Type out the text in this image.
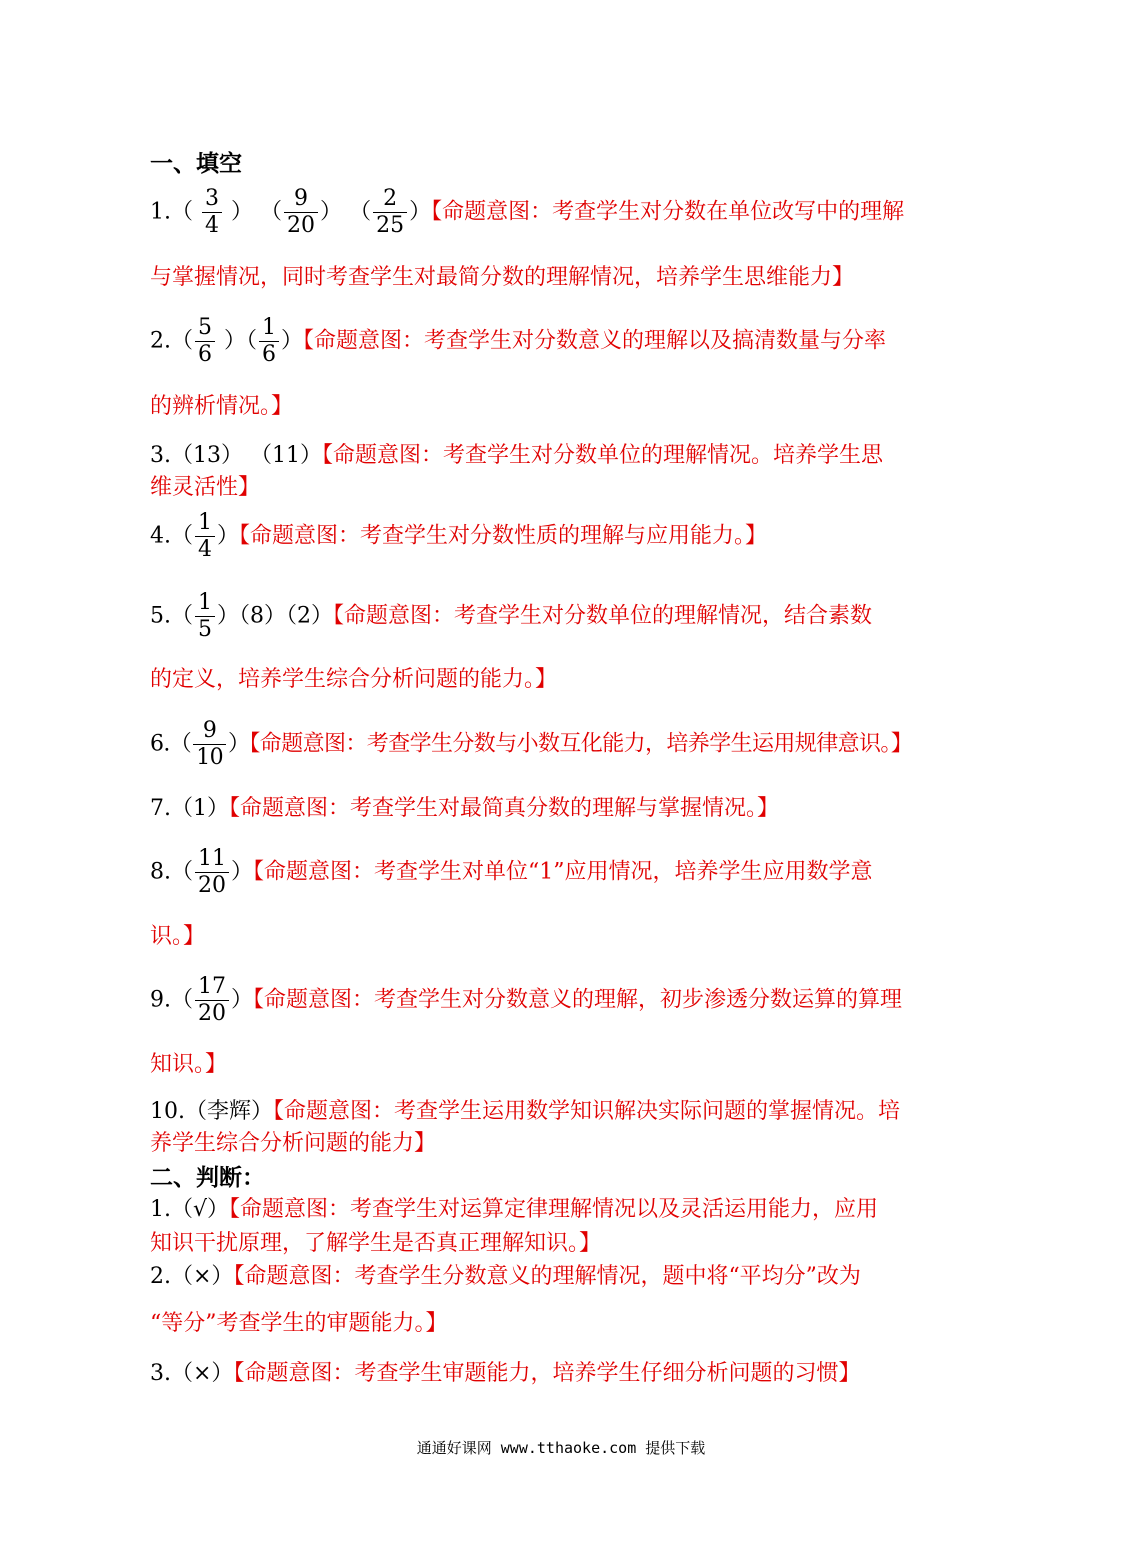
一、填空
$1.( \frac{3}{4}$ ） （ $\frac{9}{20}$ ） （ $\frac{2}{25}$ ）【命题意图：考查学生对分数在单位改写中的理解
与掌握情况，同时考查学生对最简分数的理解情况，培养学生思维能力】
$2.( \frac{5}{6}$ ）（ $\frac{1}{6}$ ）【命题意图：考查学生对分数意义的理解以及搞清数量与分率
的辨析情况。】
3.（13） （11）【命题意图：考查学生对分数单位的理解情况。培养学生思
维灵活性】
$4.( \frac{1}{4}$ ）【命题意图：考查学生对分数性质的理解与应用能力。】
$5.( \frac{1}{5} )(8)(2)$【命题意图：考查学生对分数单位的理解情况，结合素数
的定义，培养学生综合分析问题的能力。】
$6.( \frac{9}{10}$ ）【命题意图：考查学生分数与小数互化能力，培养学生运用规律意识。】
7.（1）【命题意图：考查学生对最简真分数的理解与掌握情况。】
$8.( \frac{11}{20}$ ）【命题意图：考查学生对单位“1”应用情况，培养学生应用数学意
识。】
$9.( \frac{17}{20}$ ）【命题意图：考查学生对分数意义的理解，初步渗透分数运算的算理
知识。】
10.（李辉）【命题意图：考查学生运用数学知识解决实际问题的掌握情况。培
养学生综合分析问题的能力】
二、判断：
1.（√）【命题意图：考查学生对运算定律理解情况以及灵活运用能力，应用
知识干扰原理，了解学生是否真正理解知识。】
2.（×）【命题意图：考查学生分数意义的理解情况，题中将“平均分”改为
“等分”考查学生的审题能力。】
3.（×）【命题意图：考查学生审题能力，培养学生仔细分析问题的习惯】
通通好课网 www.tthaoke.com 提供下载
